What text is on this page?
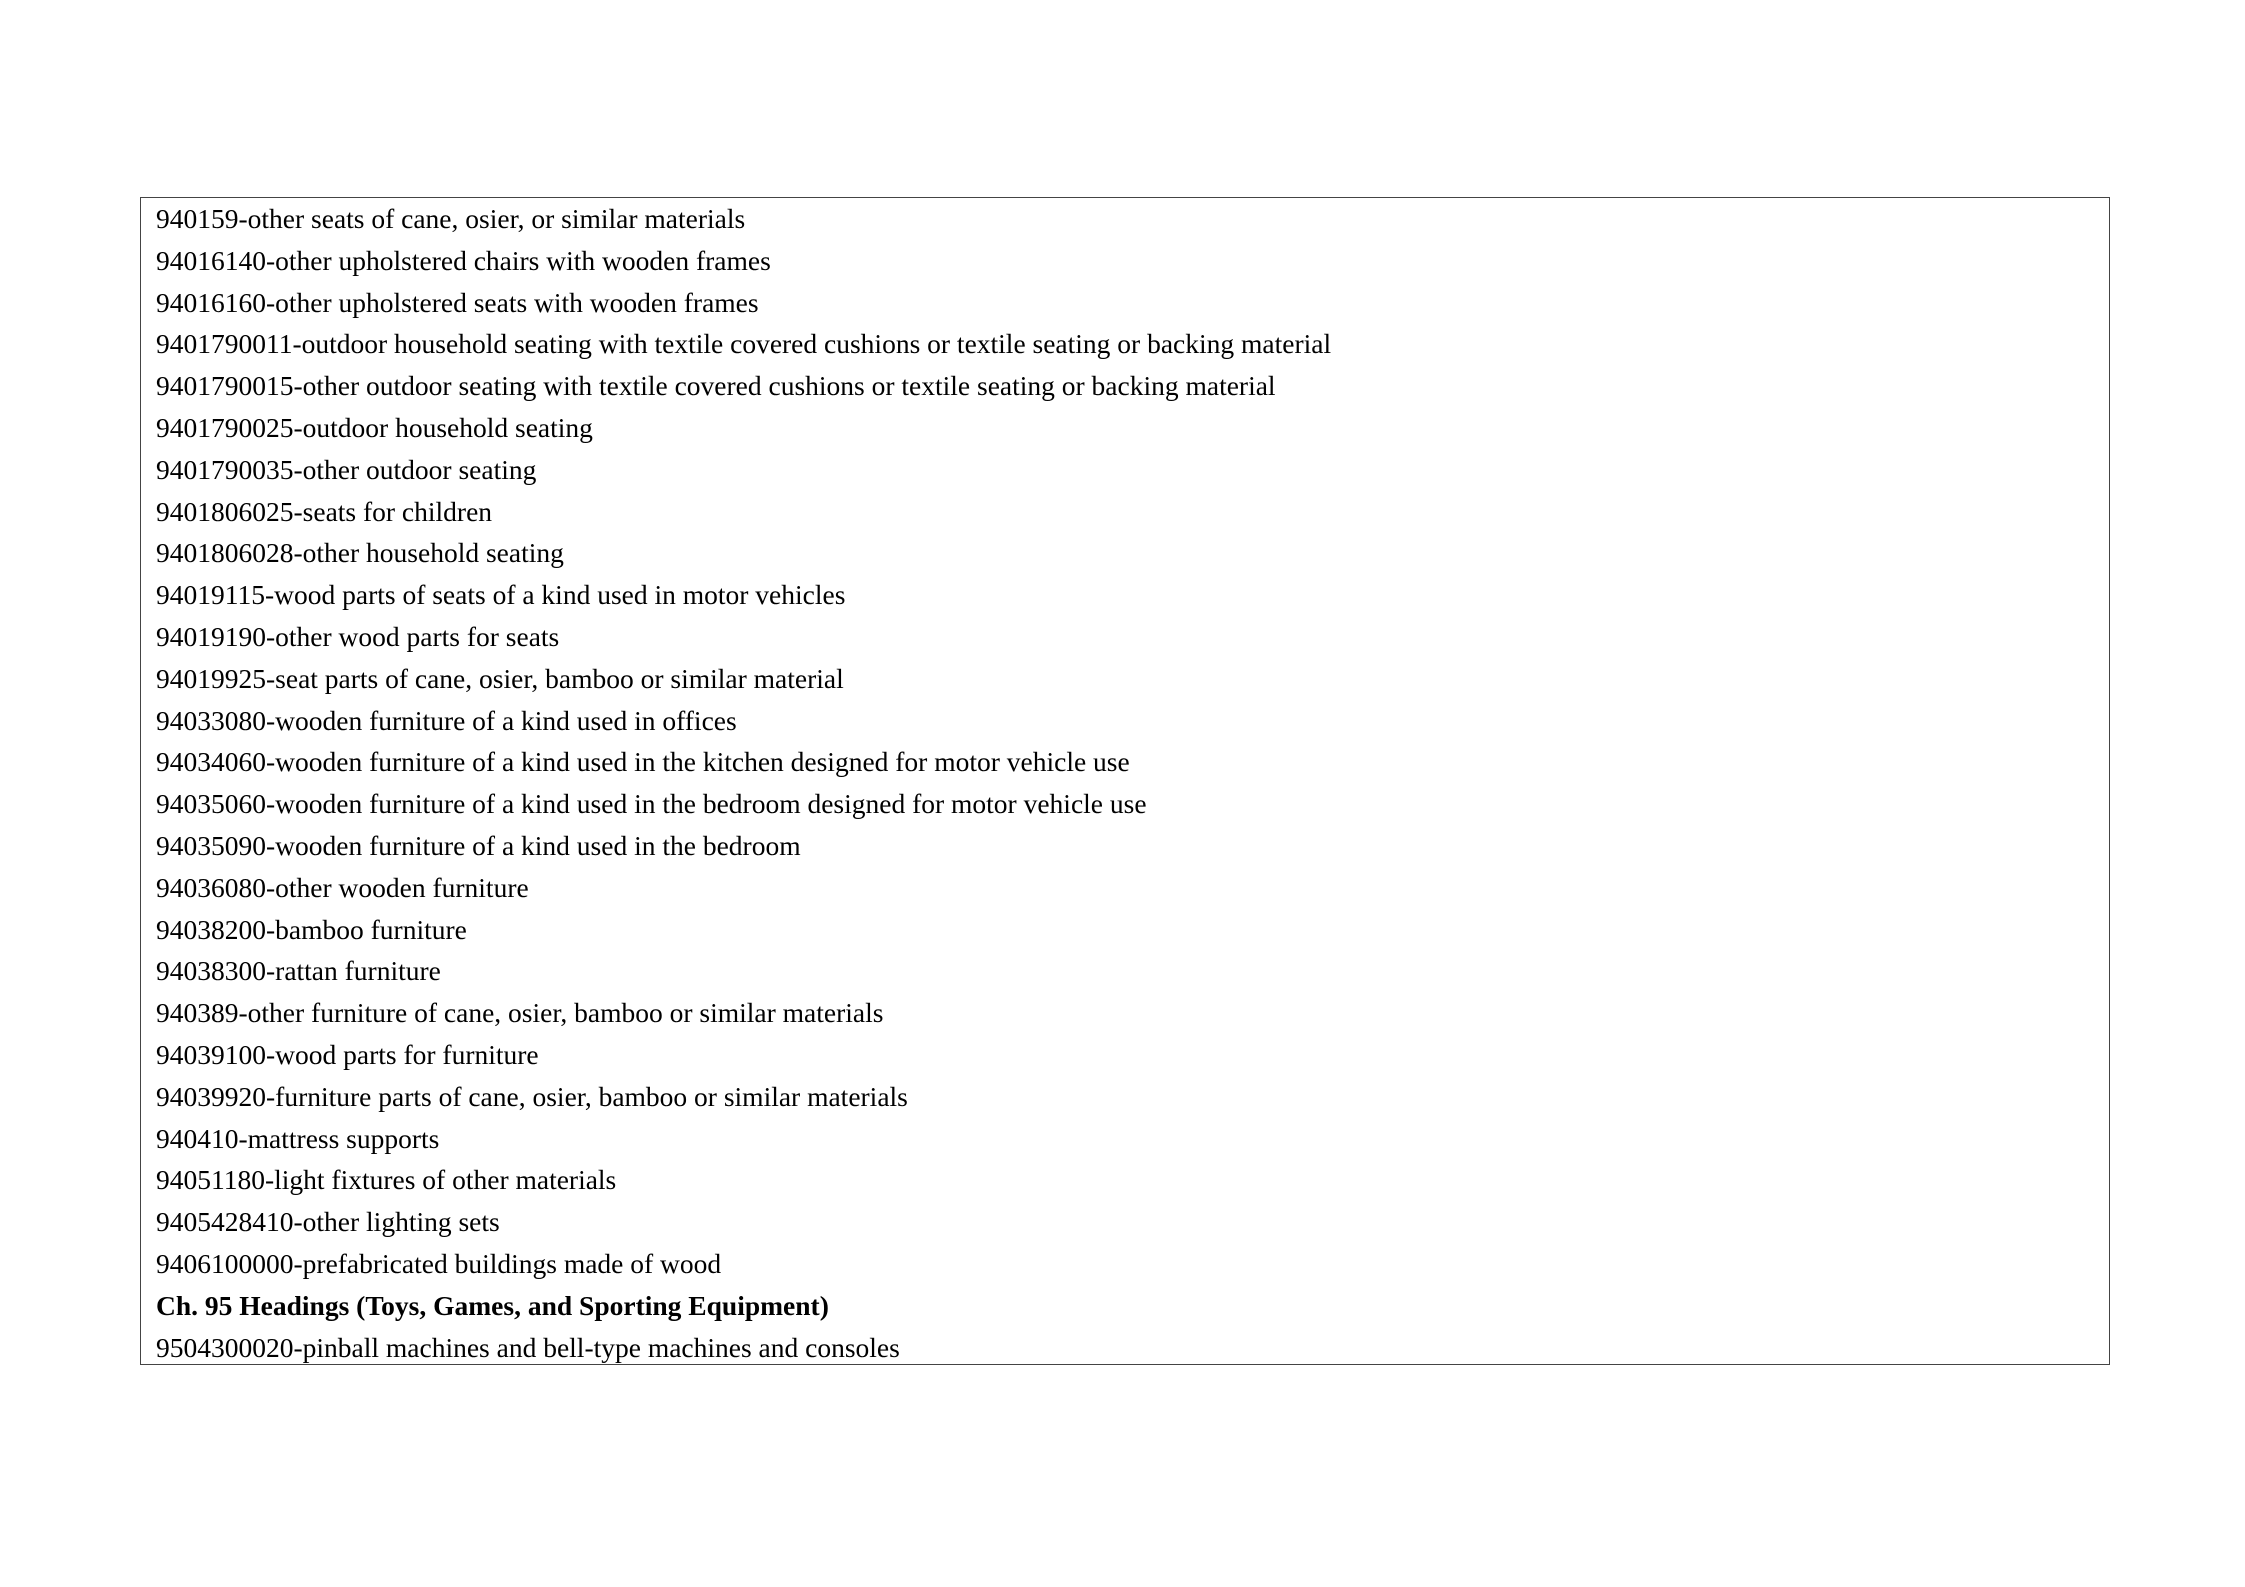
940159-other seats of cane, osier, or similar materials
94016140-other upholstered chairs with wooden frames
94016160-other upholstered seats with wooden frames
9401790011-outdoor household seating with textile covered cushions or textile seating or backing material
9401790015-other outdoor seating with textile covered cushions or textile seating or backing material
9401790025-outdoor household seating
9401790035-other outdoor seating
9401806025-seats for children
9401806028-other household seating
94019115-wood parts of seats of a kind used in motor vehicles
94019190-other wood parts for seats
94019925-seat parts of cane, osier, bamboo or similar material
94033080-wooden furniture of a kind used in offices
94034060-wooden furniture of a kind used in the kitchen designed for motor vehicle use
94035060-wooden furniture of a kind used in the bedroom designed for motor vehicle use
94035090-wooden furniture of a kind used in the bedroom
94036080-other wooden furniture
94038200-bamboo furniture
94038300-rattan furniture
940389-other furniture of cane, osier, bamboo or similar materials
94039100-wood parts for furniture
94039920-furniture parts of cane, osier, bamboo or similar materials
940410-mattress supports
94051180-light fixtures of other materials
9405428410-other lighting sets
9406100000-prefabricated buildings made of wood
Ch. 95 Headings (Toys, Games, and Sporting Equipment)
9504300020-pinball machines and bell-type machines and consoles
